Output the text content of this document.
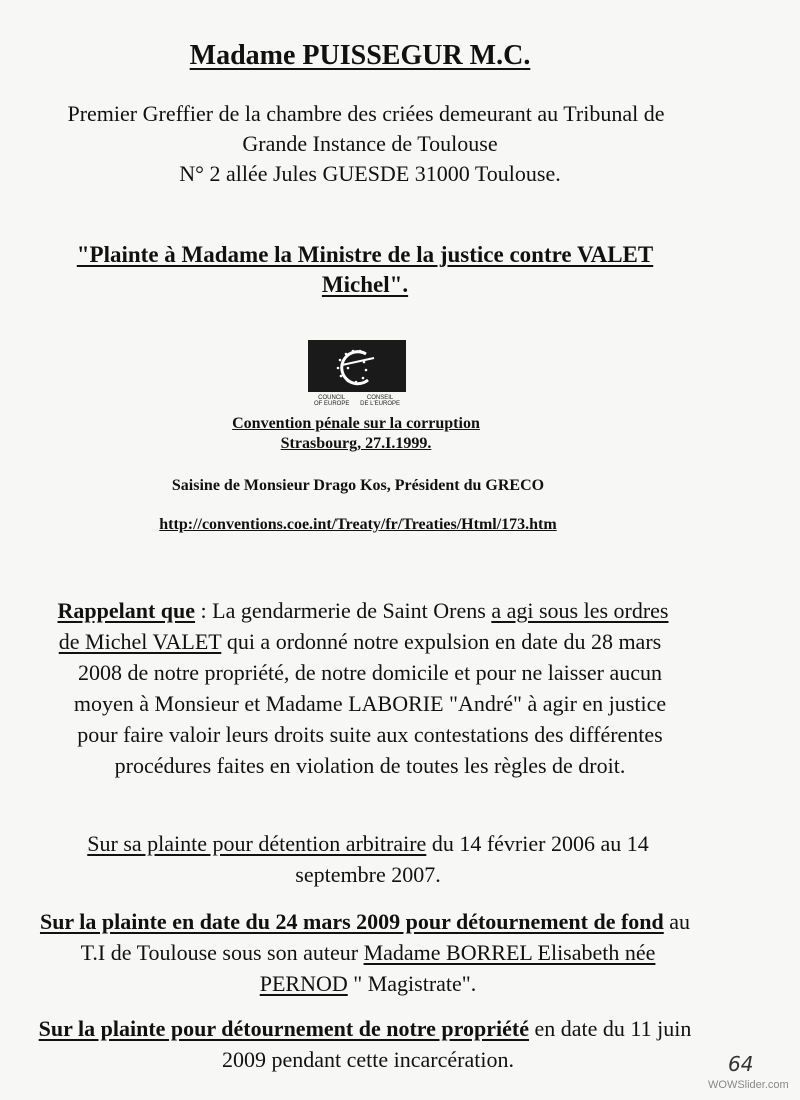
Madame PUISSEGUR M.C.
Premier Greffier de la chambre des criées demeurant au Tribunal de
Grande Instance de Toulouse
N° 2 allée Jules GUESDE 31000 Toulouse.
"Plainte à Madame la Ministre de la justice contre VALET
Michel".
COUNCIL
OF EUROPE
CONSEIL
DE L'EUROPE
Convention pénale sur la corruption
Strasbourg, 27.I.1999.
Saisine de Monsieur Drago Kos, Président du GRECO
http://conventions.coe.int/Treaty/fr/Treaties/Html/173.htm
Rappelant que : La gendarmerie de Saint Orens a agi sous les ordres
de Michel VALET qui a ordonné notre expulsion en date du 28 mars
2008 de notre propriété, de notre domicile et pour ne laisser aucun
moyen à Monsieur et Madame LABORIE "André" à agir en justice
pour faire valoir leurs droits suite aux contestations des différentes
procédures faites en violation de toutes les règles de droit.
Sur sa plainte pour détention arbitraire du 14 février 2006 au 14
septembre 2007.
Sur la plainte en date du 24 mars 2009 pour détournement de fond au
T.I de Toulouse sous son auteur Madame BORREL Elisabeth née
PERNOD " Magistrate".
Sur la plainte pour détournement de notre propriété en date du 11 juin
2009 pendant cette incarcération.	64
WOWSlider.com
